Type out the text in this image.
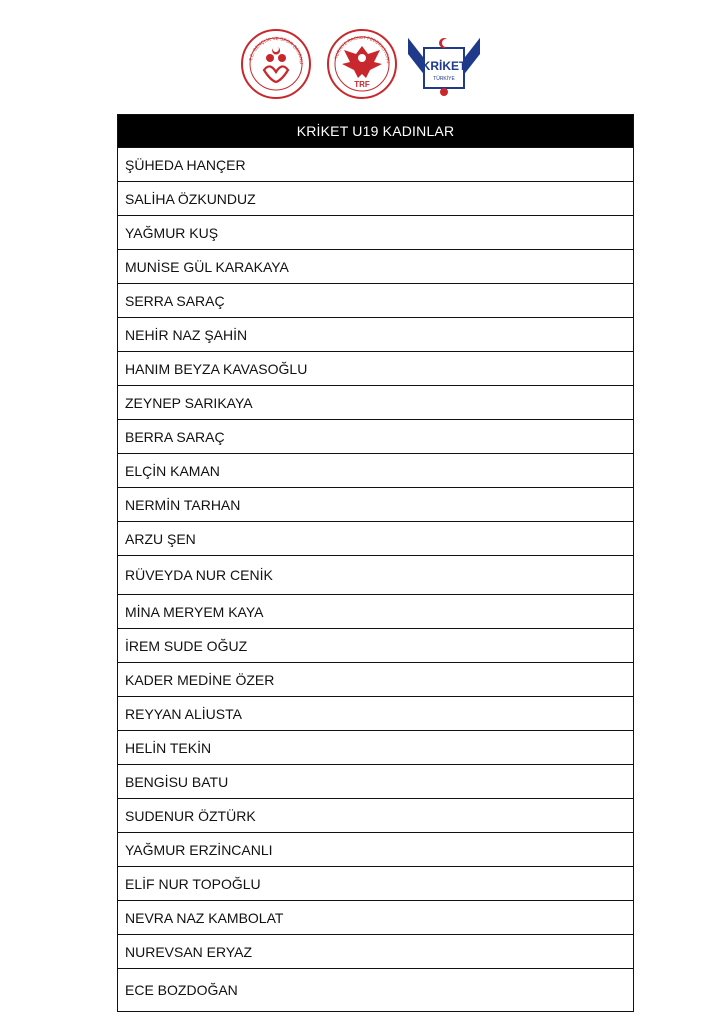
T.C. GENÇLİK VE SPOR BAKANLI
TÜRKİYE RACKET FEDERASYONU
TRF
KRİKET
TÜRKİYE
KRİKET U19 KADINLAR
ŞÜHEDA HANÇER
SALİHA ÖZKUNDUZ
YAĞMUR KUŞ
MUNİSE GÜL KARAKAYA
SERRA SARAÇ
NEHİR NAZ ŞAHİN
HANIM BEYZA KAVASOĞLU
ZEYNEP SARIKAYA
BERRA SARAÇ
ELÇİN KAMAN
NERMİN TARHAN
ARZU ŞEN
RÜVEYDA NUR CENİK
MİNA MERYEM KAYA
İREM SUDE OĞUZ
KADER MEDİNE ÖZER
REYYAN ALİUSTA
HELİN TEKİN
BENGİSU BATU
SUDENUR ÖZTÜRK
YAĞMUR ERZİNCANLI
ELİF NUR TOPOĞLU
NEVRA NAZ KAMBOLAT
NUREVSAN ERYAZ
ECE BOZDOĞAN
